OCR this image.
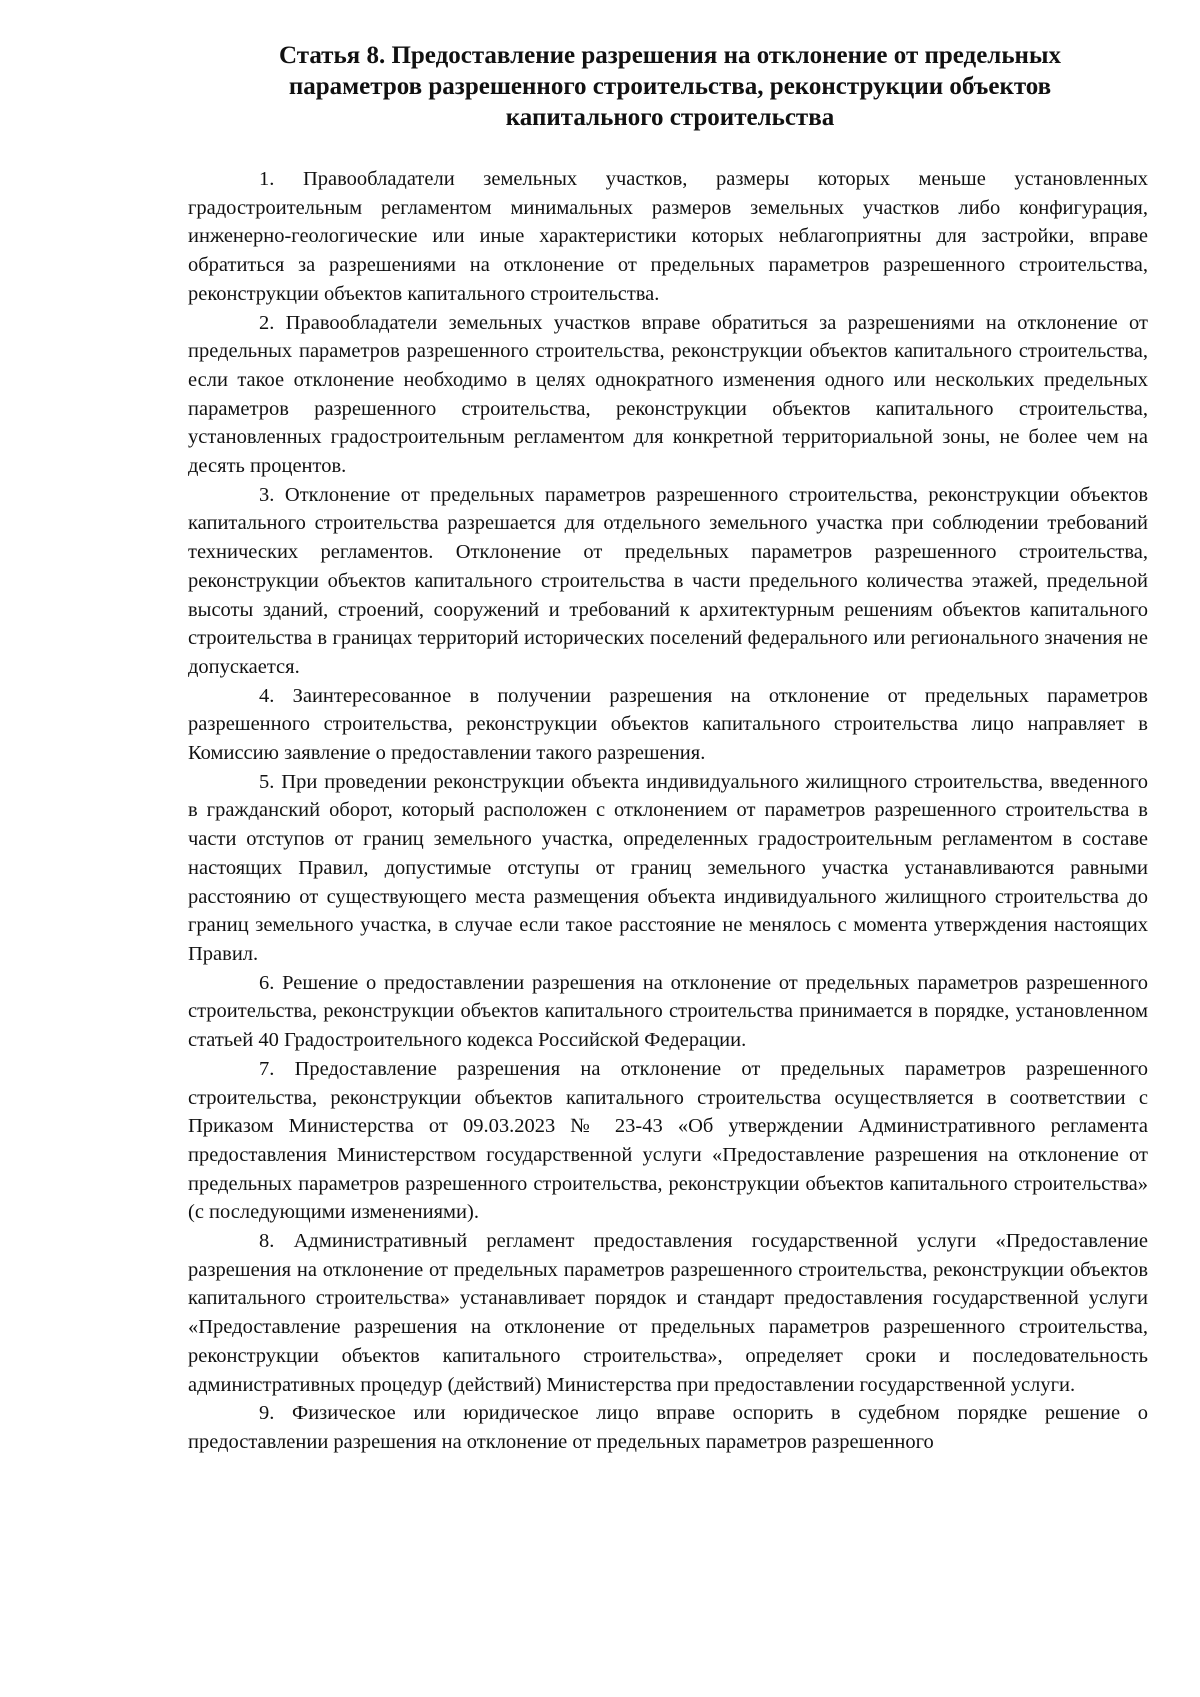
Статья 8. Предоставление разрешения на отклонение от предельных
параметров разрешенного строительства, реконструкции объектов
капитального строительства

1. Правообладатели земельных участков, размеры которых меньше установленных градостроительным регламентом минимальных размеров земельных участков либо конфигурация, инженерно-геологические или иные характеристики которых неблагоприятны для застройки, вправе обратиться за разрешениями на отклонение от предельных параметров разрешенного строительства, реконструкции объектов капитального строительства.

2. Правообладатели земельных участков вправе обратиться за разрешениями на отклонение от предельных параметров разрешенного строительства, реконструкции объектов капитального строительства, если такое отклонение необходимо в целях однократного изменения одного или нескольких предельных параметров разрешенного строительства, реконструкции объектов капитального строительства, установленных градостроительным регламентом для конкретной территориальной зоны, не более чем на десять процентов.

3. Отклонение от предельных параметров разрешенного строительства, реконструкции объектов капитального строительства разрешается для отдельного земельного участка при соблюдении требований технических регламентов. Отклонение от предельных параметров разрешенного строительства, реконструкции объектов капитального строительства в части предельного количества этажей, предельной высоты зданий, строений, сооружений и требований к архитектурным решениям объектов капитального строительства в границах территорий исторических поселений федерального или регионального значения не допускается.

4. Заинтересованное в получении разрешения на отклонение от предельных параметров разрешенного строительства, реконструкции объектов капитального строительства лицо направляет в Комиссию заявление о предоставлении такого разрешения.

5. При проведении реконструкции объекта индивидуального жилищного строительства, введенного в гражданский оборот, который расположен с отклонением от параметров разрешенного строительства в части отступов от границ земельного участка, определенных градостроительным регламентом в составе настоящих Правил, допустимые отступы от границ земельного участка устанавливаются равными расстоянию от существующего места размещения объекта индивидуального жилищного строительства до границ земельного участка, в случае если такое расстояние не менялось с момента утверждения настоящих Правил.

6. Решение о предоставлении разрешения на отклонение от предельных параметров разрешенного строительства, реконструкции объектов капитального строительства принимается в порядке, установленном статьей 40 Градостроительного кодекса Российской Федерации.

7. Предоставление разрешения на отклонение от предельных параметров разрешенного строительства, реконструкции объектов капитального строительства осуществляется в соответствии с Приказом Министерства от 09.03.2023 № 23-43 «Об утверждении Административного регламента предоставления Министерством государственной услуги «Предоставление разрешения на отклонение от предельных параметров разрешенного строительства, реконструкции объектов капитального строительства» (с последующими изменениями).

8. Административный регламент предоставления государственной услуги «Предоставление разрешения на отклонение от предельных параметров разрешенного строительства, реконструкции объектов капитального строительства» устанавливает порядок и стандарт предоставления государственной услуги «Предоставление разрешения на отклонение от предельных параметров разрешенного строительства, реконструкции объектов капитального строительства», определяет сроки и последовательность административных процедур (действий) Министерства при предоставлении государственной услуги.

9. Физическое или юридическое лицо вправе оспорить в судебном порядке решение о предоставлении разрешения на отклонение от предельных параметров разрешенного
